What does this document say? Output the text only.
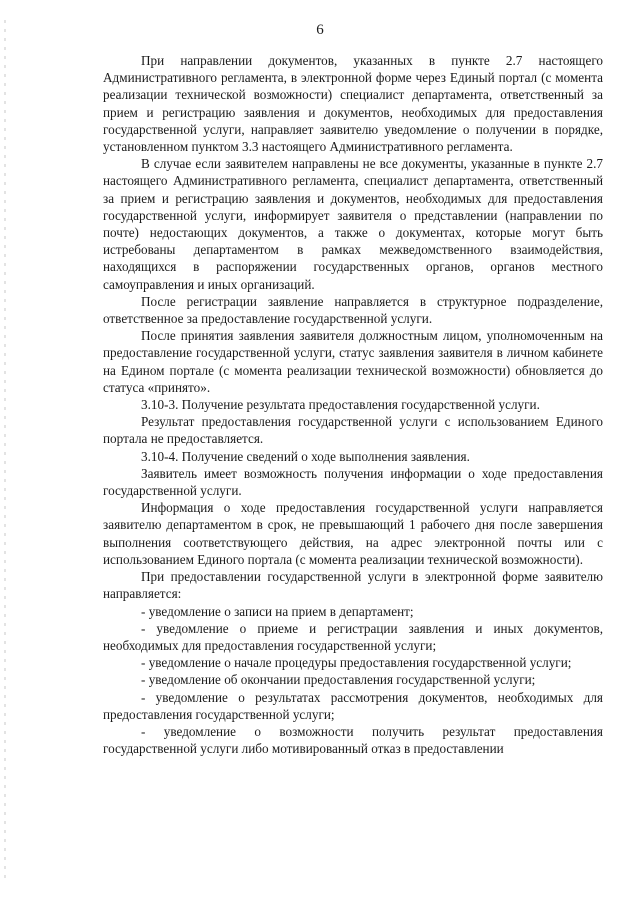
6

При направлении документов, указанных в пункте 2.7 настоящего Административного регламента, в электронной форме через Единый портал (с момента реализации технической возможности) специалист департамента, ответственный за прием и регистрацию заявления и документов, необходимых для предоставления государственной услуги, направляет заявителю уведомление о получении в порядке, установленном пунктом 3.3 настоящего Административного регламента.

В случае если заявителем направлены не все документы, указанные в пункте 2.7 настоящего Административного регламента, специалист департамента, ответственный за прием и регистрацию заявления и документов, необходимых для предоставления государственной услуги, информирует заявителя о представлении (направлении по почте) недостающих документов, а также о документах, которые могут быть истребованы департаментом в рамках межведомственного взаимодействия, находящихся в распоряжении государственных органов, органов местного самоуправления и иных организаций.

После регистрации заявление направляется в структурное подразделение, ответственное за предоставление государственной услуги.

После принятия заявления заявителя должностным лицом, уполномоченным на предоставление государственной услуги, статус заявления заявителя в личном кабинете на Едином портале (с момента реализации технической возможности) обновляется до статуса «принято».

3.10-3. Получение результата предоставления государственной услуги.

Результат предоставления государственной услуги с использованием Единого портала не предоставляется.

3.10-4. Получение сведений о ходе выполнения заявления.

Заявитель имеет возможность получения информации о ходе предоставления государственной услуги.

Информация о ходе предоставления государственной услуги направляется заявителю департаментом в срок, не превышающий 1 рабочего дня после завершения выполнения соответствующего действия, на адрес электронной почты или с использованием Единого портала (с момента реализации технической возможности).

При предоставлении государственной услуги в электронной форме заявителю направляется:

- уведомление о записи на прием в департамент;

- уведомление о приеме и регистрации заявления и иных документов, необходимых для предоставления государственной услуги;

- уведомление о начале процедуры предоставления государственной услуги;

- уведомление об окончании предоставления государственной услуги;

- уведомление о результатах рассмотрения документов, необходимых для предоставления государственной услуги;

- уведомление о возможности получить результат предоставления государственной услуги либо мотивированный отказ в предоставлении
